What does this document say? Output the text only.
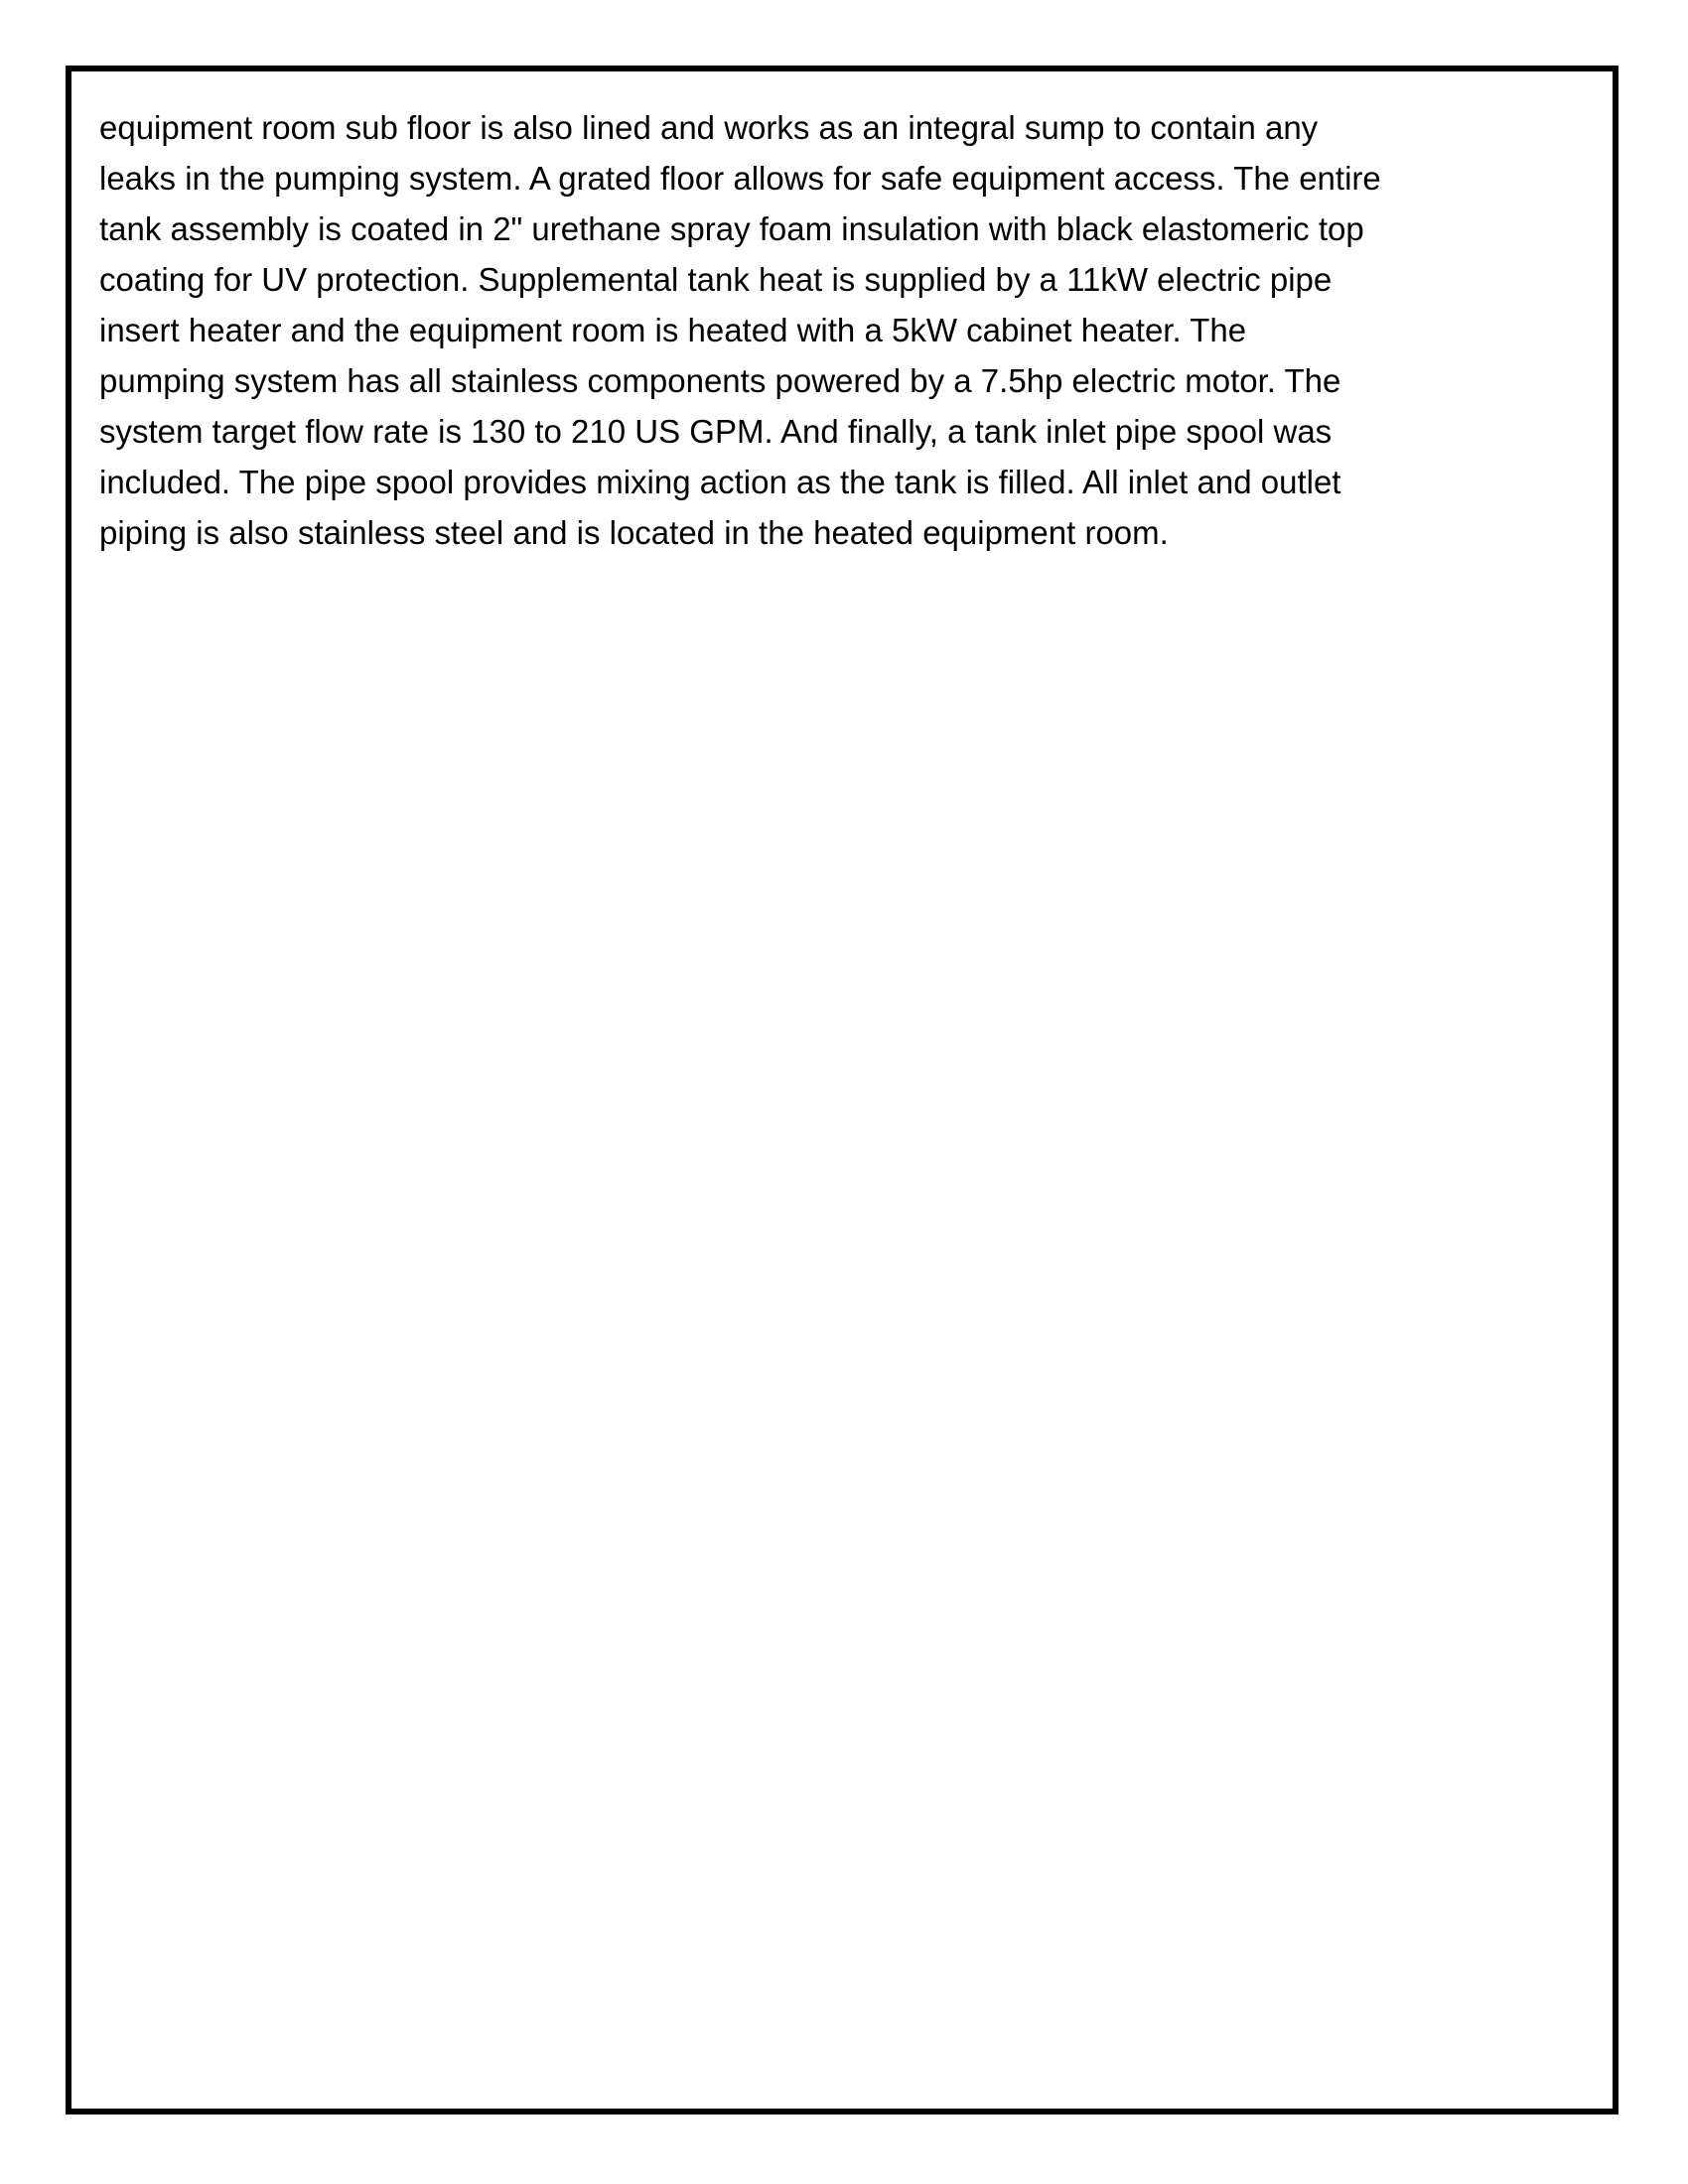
equipment room sub floor is also lined and works as an integral sump to contain any
leaks in the pumping system. A grated floor allows for safe equipment access. The entire
tank assembly is coated in 2" urethane spray foam insulation with black elastomeric top
coating for UV protection. Supplemental tank heat is supplied by a 11kW electric pipe
insert heater and the equipment room is heated with a 5kW cabinet heater. The
pumping system has all stainless components powered by a 7.5hp electric motor. The
system target flow rate is 130 to 210 US GPM. And finally, a tank inlet pipe spool was
included. The pipe spool provides mixing action as the tank is filled. All inlet and outlet
piping is also stainless steel and is located in the heated equipment room.
